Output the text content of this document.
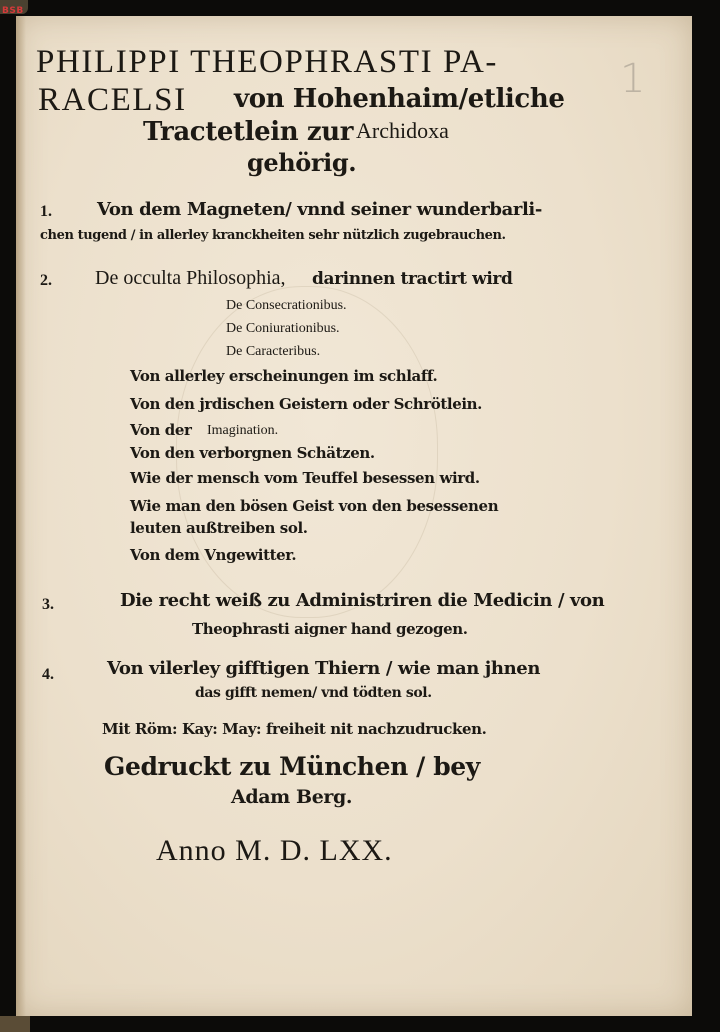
BSB
1
PHILIPPI THEOPHRASTI PA-
RACELSI von Hohenhaim/etliche
Tractetlein zur Archidoxa
gehörig.
1.	Von dem Magneten/ vnnd seiner wunderbarli-
chen tugend / in allerley kranckheiten sehr nützlich zugebrauchen.
2. De occulta Philosophia, darinnen tractirt wird
De Consecrationibus.
De Coniurationibus.
De Caracteribus.
Von allerley erscheinungen im schlaff.
Von den jrdischen Geistern oder Schrötlein.
Von der Imagination.
Von den verborgnen Schätzen.
Wie der mensch vom Teuffel besessen wird.
Wie man den bösen Geist von den besessenen
leuten außtreiben sol.
Von dem Vngewitter.
3.	Die recht weiß zu Administriren die Medicin / von
Theophrasti aigner hand gezogen.
4.	Von vilerley gifftigen Thiern / wie man jhnen
das gifft nemen/ vnd tödten sol.
Mit Röm: Kay: May: freiheit nit nachzudrucken.
Gedruckt zu München / bey
Adam Berg.
Anno M. D. LXX.
